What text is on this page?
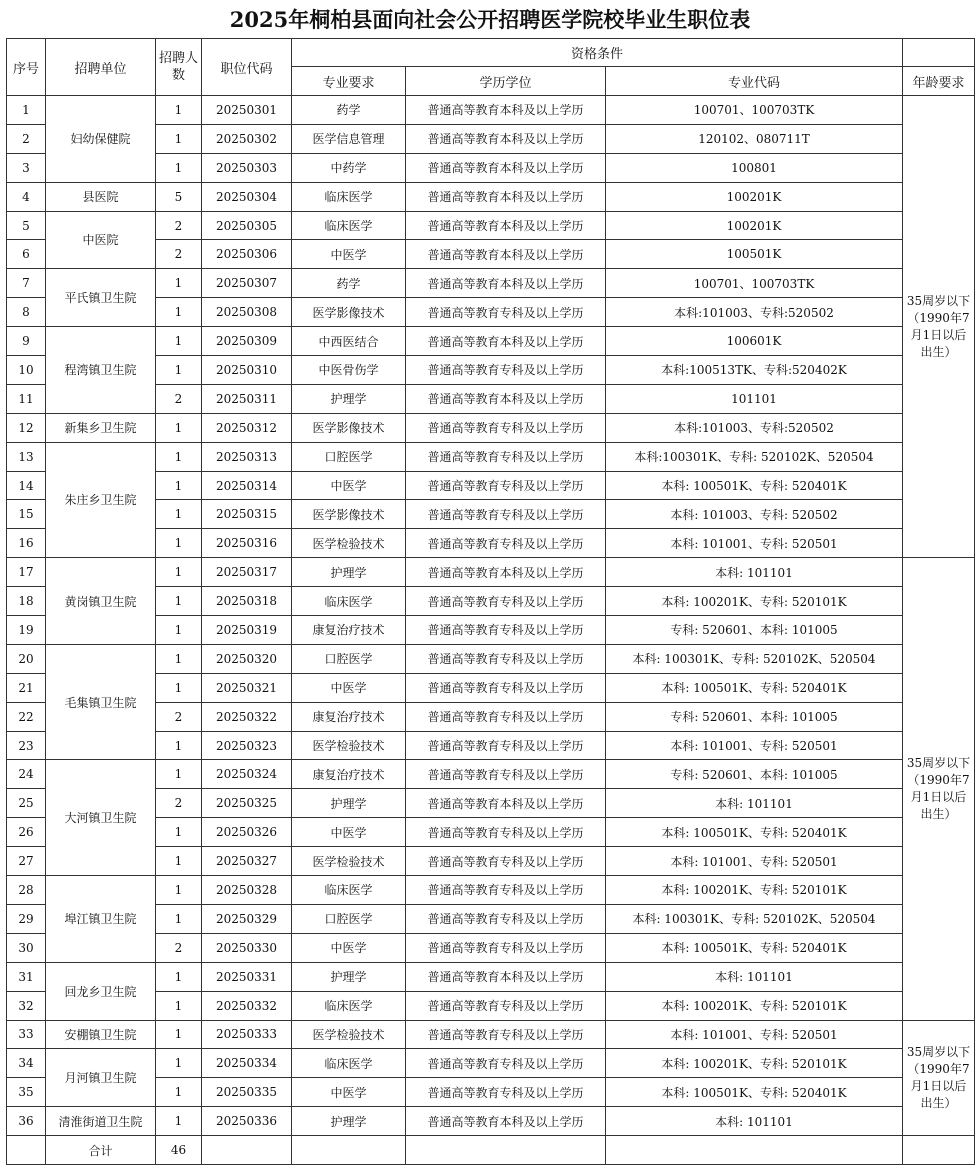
2025年桐柏县面向社会公开招聘医学院校毕业生职位表
序号	招聘单位	招聘人数	职位代码	资格条件			
				专业要求	学历学位	专业代码	年龄要求
1	妇幼保健院	1	20250301	药学	普通高等教育本科及以上学历	100701、100703TK	35周岁以下（1990年7月1日以后出生）
2		1	20250302	医学信息管理	普通高等教育本科及以上学历	120102、080711T	
3		1	20250303	中药学	普通高等教育本科及以上学历	100801	
4	县医院	5	20250304	临床医学	普通高等教育本科及以上学历	100201K	
5	中医院	2	20250305	临床医学	普通高等教育本科及以上学历	100201K	
6		2	20250306	中医学	普通高等教育本科及以上学历	100501K	
7	平氏镇卫生院	1	20250307	药学	普通高等教育本科及以上学历	100701、100703TK	
8		1	20250308	医学影像技术	普通高等教育专科及以上学历	本科:101003、专科:520502	
9	程湾镇卫生院	1	20250309	中西医结合	普通高等教育本科及以上学历	100601K	
10		1	20250310	中医骨伤学	普通高等教育专科及以上学历	本科:100513TK、专科:520402K	
11		2	20250311	护理学	普通高等教育本科及以上学历	101101	
12	新集乡卫生院	1	20250312	医学影像技术	普通高等教育专科及以上学历	本科:101003、专科:520502	
13	朱庄乡卫生院	1	20250313	口腔医学	普通高等教育专科及以上学历	本科:100301K、专科: 520102K、520504	
14		1	20250314	中医学	普通高等教育专科及以上学历	本科: 100501K、专科: 520401K	
15		1	20250315	医学影像技术	普通高等教育专科及以上学历	本科: 101003、专科: 520502	
16		1	20250316	医学检验技术	普通高等教育专科及以上学历	本科: 101001、专科: 520501	
17	黄岗镇卫生院	1	20250317	护理学	普通高等教育本科及以上学历	本科: 101101	35周岁以下（1990年7月1日以后出生）
18		1	20250318	临床医学	普通高等教育专科及以上学历	本科: 100201K、专科: 520101K	
19		1	20250319	康复治疗技术	普通高等教育专科及以上学历	专科: 520601、本科: 101005	
20	毛集镇卫生院	1	20250320	口腔医学	普通高等教育专科及以上学历	本科: 100301K、专科: 520102K、520504	
21		1	20250321	中医学	普通高等教育专科及以上学历	本科: 100501K、专科: 520401K	
22		2	20250322	康复治疗技术	普通高等教育专科及以上学历	专科: 520601、本科: 101005	
23		1	20250323	医学检验技术	普通高等教育专科及以上学历	本科: 101001、专科: 520501	
24	大河镇卫生院	1	20250324	康复治疗技术	普通高等教育专科及以上学历	专科: 520601、本科: 101005	
25		2	20250325	护理学	普通高等教育本科及以上学历	本科: 101101	
26		1	20250326	中医学	普通高等教育专科及以上学历	本科: 100501K、专科: 520401K	
27		1	20250327	医学检验技术	普通高等教育专科及以上学历	本科: 101001、专科: 520501	
28	埠江镇卫生院	1	20250328	临床医学	普通高等教育专科及以上学历	本科: 100201K、专科: 520101K	
29		1	20250329	口腔医学	普通高等教育专科及以上学历	本科: 100301K、专科: 520102K、520504	
30		2	20250330	中医学	普通高等教育专科及以上学历	本科: 100501K、专科: 520401K	
31	回龙乡卫生院	1	20250331	护理学	普通高等教育本科及以上学历	本科: 101101	
32		1	20250332	临床医学	普通高等教育专科及以上学历	本科: 100201K、专科: 520101K	
33	安棚镇卫生院	1	20250333	医学检验技术	普通高等教育专科及以上学历	本科: 101001、专科: 520501	35周岁以下（1990年7月1日以后出生）
34	月河镇卫生院	1	20250334	临床医学	普通高等教育专科及以上学历	本科: 100201K、专科: 520101K	
35		1	20250335	中医学	普通高等教育专科及以上学历	本科: 100501K、专科: 520401K	
36	清淮街道卫生院	1	20250336	护理学	普通高等教育本科及以上学历	本科: 101101	
	合计	46					
